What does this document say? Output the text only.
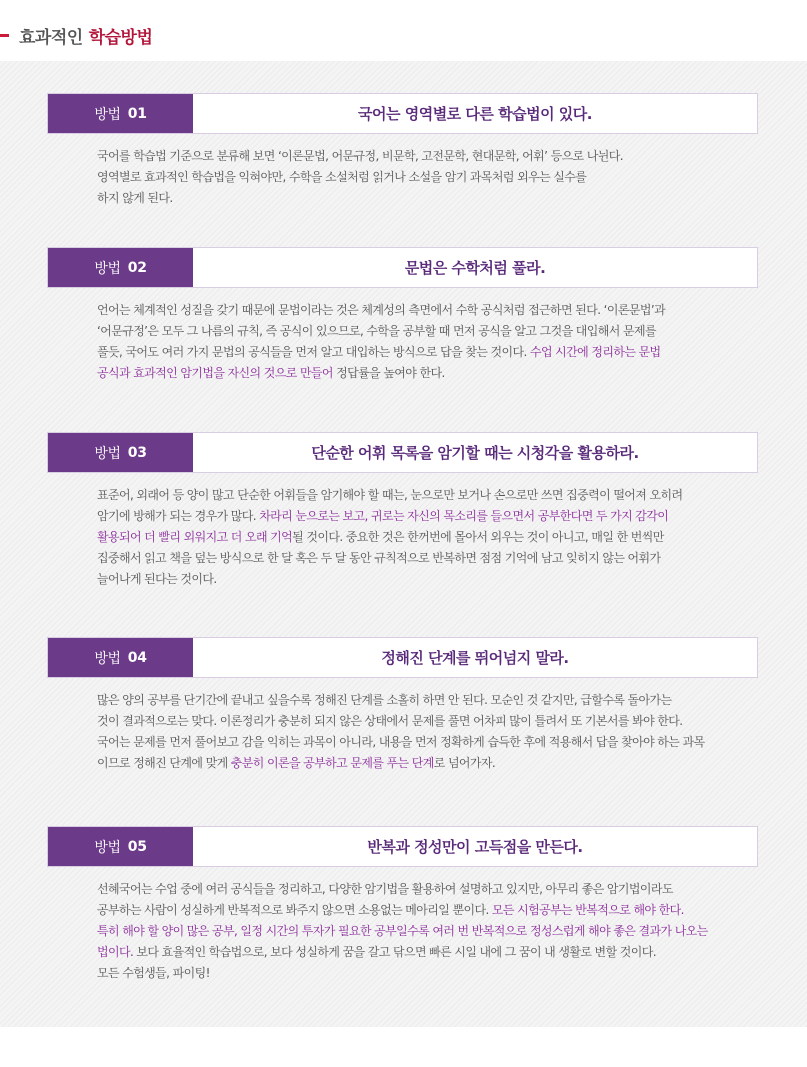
효과적인 학습방법
방법 01	국어는 영역별로 다른 학습법이 있다.

국어를 학습법 기준으로 분류해 보면 ‘이론문법, 어문규정, 비문학, 고전문학, 현대문학, 어휘’ 등으로 나뉜다.

영역별로 효과적인 학습법을 익혀야만, 수학을 소설처럼 읽거나 소설을 암기 과목처럼 외우는 실수를

하지 않게 된다.

방법 02	문법은 수학처럼 풀라.

언어는 체계적인 성질을 갖기 때문에 문법이라는 것은 체계성의 측면에서 수학 공식처럼 접근하면 된다. ‘이론문법’과

‘어문규정’은 모두 그 나름의 규칙, 즉 공식이 있으므로, 수학을 공부할 때 먼저 공식을 알고 그것을 대입해서 문제를

풀듯, 국어도 여러 가지 문법의 공식들을 먼저 알고 대입하는 방식으로 답을 찾는 것이다. 수업 시간에 정리하는 문법

공식과 효과적인 암기법을 자신의 것으로 만들어 정답률을 높여야 한다.

방법 03	단순한 어휘 목록을 암기할 때는 시청각을 활용하라.

표준어, 외래어 등 양이 많고 단순한 어휘들을 암기해야 할 때는, 눈으로만 보거나 손으로만 쓰면 집중력이 떨어져 오히려

암기에 방해가 되는 경우가 많다. 차라리 눈으로는 보고, 귀로는 자신의 목소리를 들으면서 공부한다면 두 가지 감각이

활용되어 더 빨리 외워지고 더 오래 기억될 것이다. 중요한 것은 한꺼번에 몰아서 외우는 것이 아니고, 매일 한 번씩만

집중해서 읽고 책을 덮는 방식으로 한 달 혹은 두 달 동안 규칙적으로 반복하면 점점 기억에 남고 잊히지 않는 어휘가

늘어나게 된다는 것이다.

방법 04	정해진 단계를 뛰어넘지 말라.

많은 양의 공부를 단기간에 끝내고 싶을수록 정해진 단계를 소홀히 하면 안 된다. 모순인 것 같지만, 급할수록 돌아가는

것이 결과적으로는 맞다. 이론정리가 충분히 되지 않은 상태에서 문제를 풀면 어차피 많이 틀려서 또 기본서를 봐야 한다.

국어는 문제를 먼저 풀어보고 감을 익히는 과목이 아니라, 내용을 먼저 정확하게 습득한 후에 적용해서 답을 찾아야 하는 과목

이므로 정해진 단계에 맞게 충분히 이론을 공부하고 문제를 푸는 단계로 넘어가자.

방법 05	반복과 정성만이 고득점을 만든다.

선혜국어는 수업 중에 여러 공식들을 정리하고, 다양한 암기법을 활용하여 설명하고 있지만, 아무리 좋은 암기법이라도

공부하는 사람이 성실하게 반복적으로 봐주지 않으면 소용없는 메아리일 뿐이다. 모든 시험공부는 반복적으로 해야 한다.

특히 해야 할 양이 많은 공부, 일정 시간의 투자가 필요한 공부일수록 여러 번 반복적으로 정성스럽게 해야 좋은 결과가 나오는

법이다. 보다 효율적인 학습법으로, 보다 성실하게 꿈을 갈고 닦으면 빠른 시일 내에 그 꿈이 내 생활로 변할 것이다.

모든 수험생들, 파이팅!
